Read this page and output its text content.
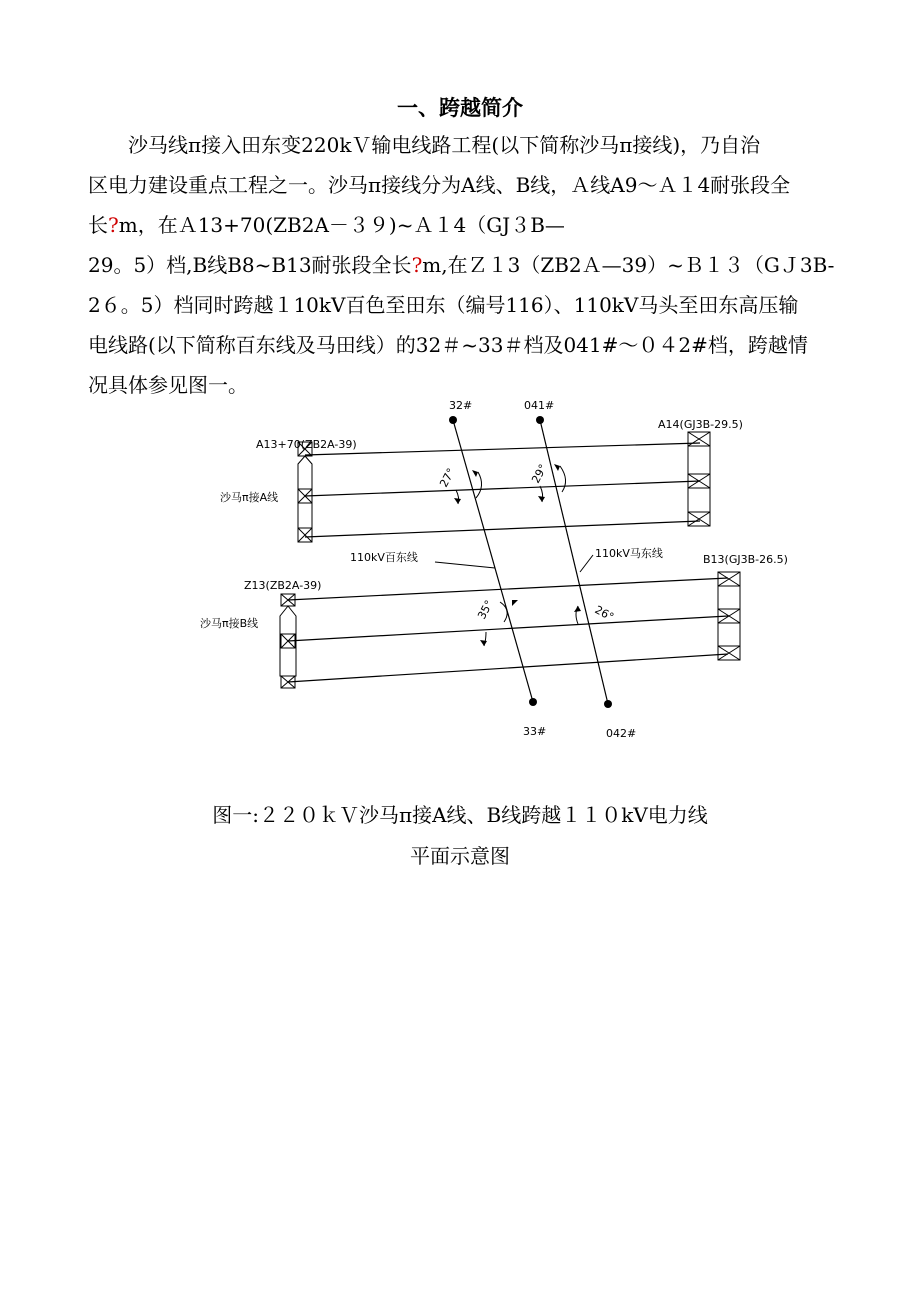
一、跨越简介
沙马线π接入田东变220kＶ输电线路工程(以下简称沙马π接线)，乃自治
区电力建设重点工程之一。沙马π接线分为A线、B线，Ａ线A9～Ａ１4耐张段全
长?m，在Ａ13+70(ZB2A－３９)~Ａ１4（GJ３B—
29。5）档,B线B8~B13耐张段全长?m,在Ｚ１3（ZB2Ａ—39）~Ｂ１３（GＪ3B-
2６。5）档同时跨越１10kV百色至田东（编号116）、110kV马头至田东高压输
电线路(以下简称百东线及马田线）的32＃~33＃档及041#～０４2#档，跨越情
况具体参见图一。
32#	041#
33#	042#
A13+70(ZB2A-39)
A14(GJ3B-29.5)
沙马π接A线
Z13(ZB2A-39)
B13(GJ3B-26.5)
沙马π接B线
110kV百东线	110kV马东线
27°	29°
35°	26°
图一:２２０ｋＶ沙马π接A线、B线跨越１１０kV电力线
平面示意图
